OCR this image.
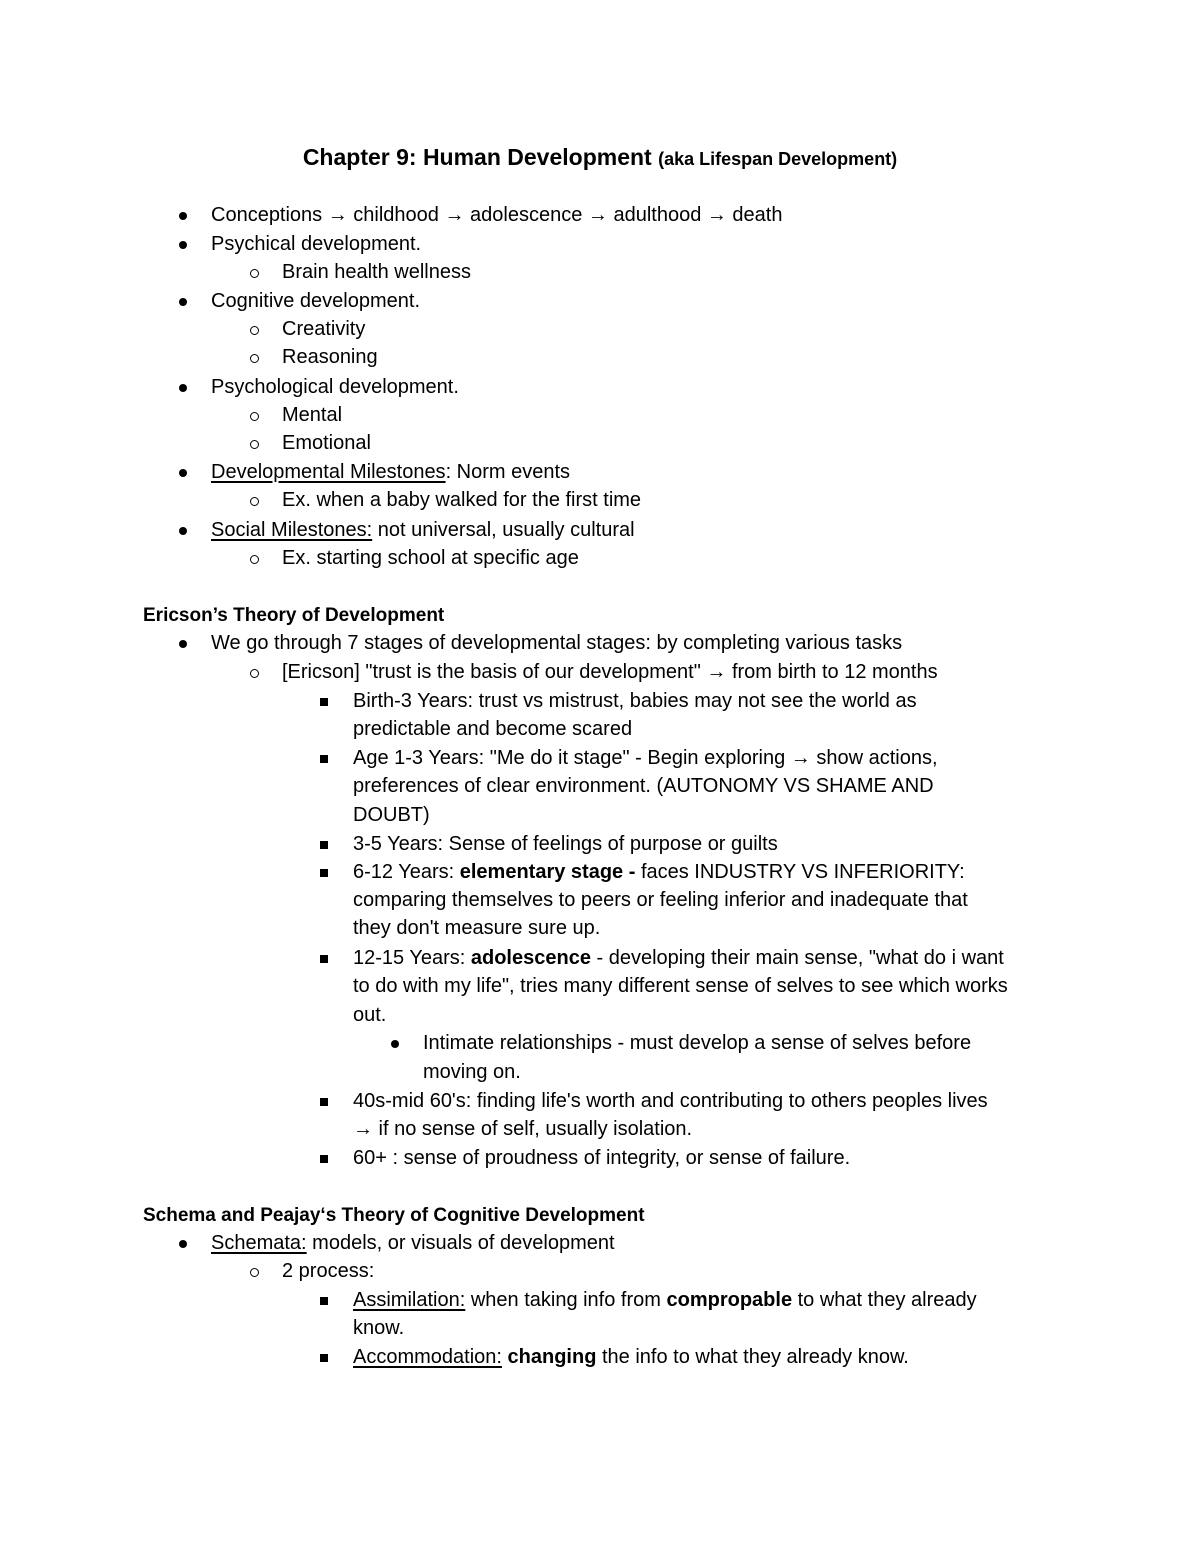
Chapter 9: Human Development (aka Lifespan Development)
Conceptions → childhood → adolescence → adulthood → death
Psychical development.
Brain health wellness
Cognitive development.
Creativity
Reasoning
Psychological development.
Mental
Emotional
Developmental Milestones: Norm events
Ex. when a baby walked for the first time
Social Milestones: not universal, usually cultural
Ex. starting school at specific age
Ericson’s Theory of Development
We go through 7 stages of developmental stages: by completing various tasks
[Ericson] "trust is the basis of our development" → from birth to 12 months
Birth-3 Years: trust vs mistrust, babies may not see the world as
predictable and become scared
Age 1-3 Years: "Me do it stage" - Begin exploring → show actions,
preferences of clear environment. (AUTONOMY VS SHAME AND
DOUBT)
3-5 Years: Sense of feelings of purpose or guilts
6-12 Years: elementary stage - faces INDUSTRY VS INFERIORITY:
comparing themselves to peers or feeling inferior and inadequate that
they don't measure sure up.
12-15 Years: adolescence - developing their main sense, "what do i want
to do with my life", tries many different sense of selves to see which works
out.
Intimate relationships - must develop a sense of selves before
moving on.
40s-mid 60's: finding life's worth and contributing to others peoples lives
→ if no sense of self, usually isolation.
60+ : sense of proudness of integrity, or sense of failure.
Schema and Peajay‘s Theory of Cognitive Development
Schemata: models, or visuals of development
2 process:
Assimilation: when taking info from compropable to what they already
know.
Accommodation: changing the info to what they already know.
